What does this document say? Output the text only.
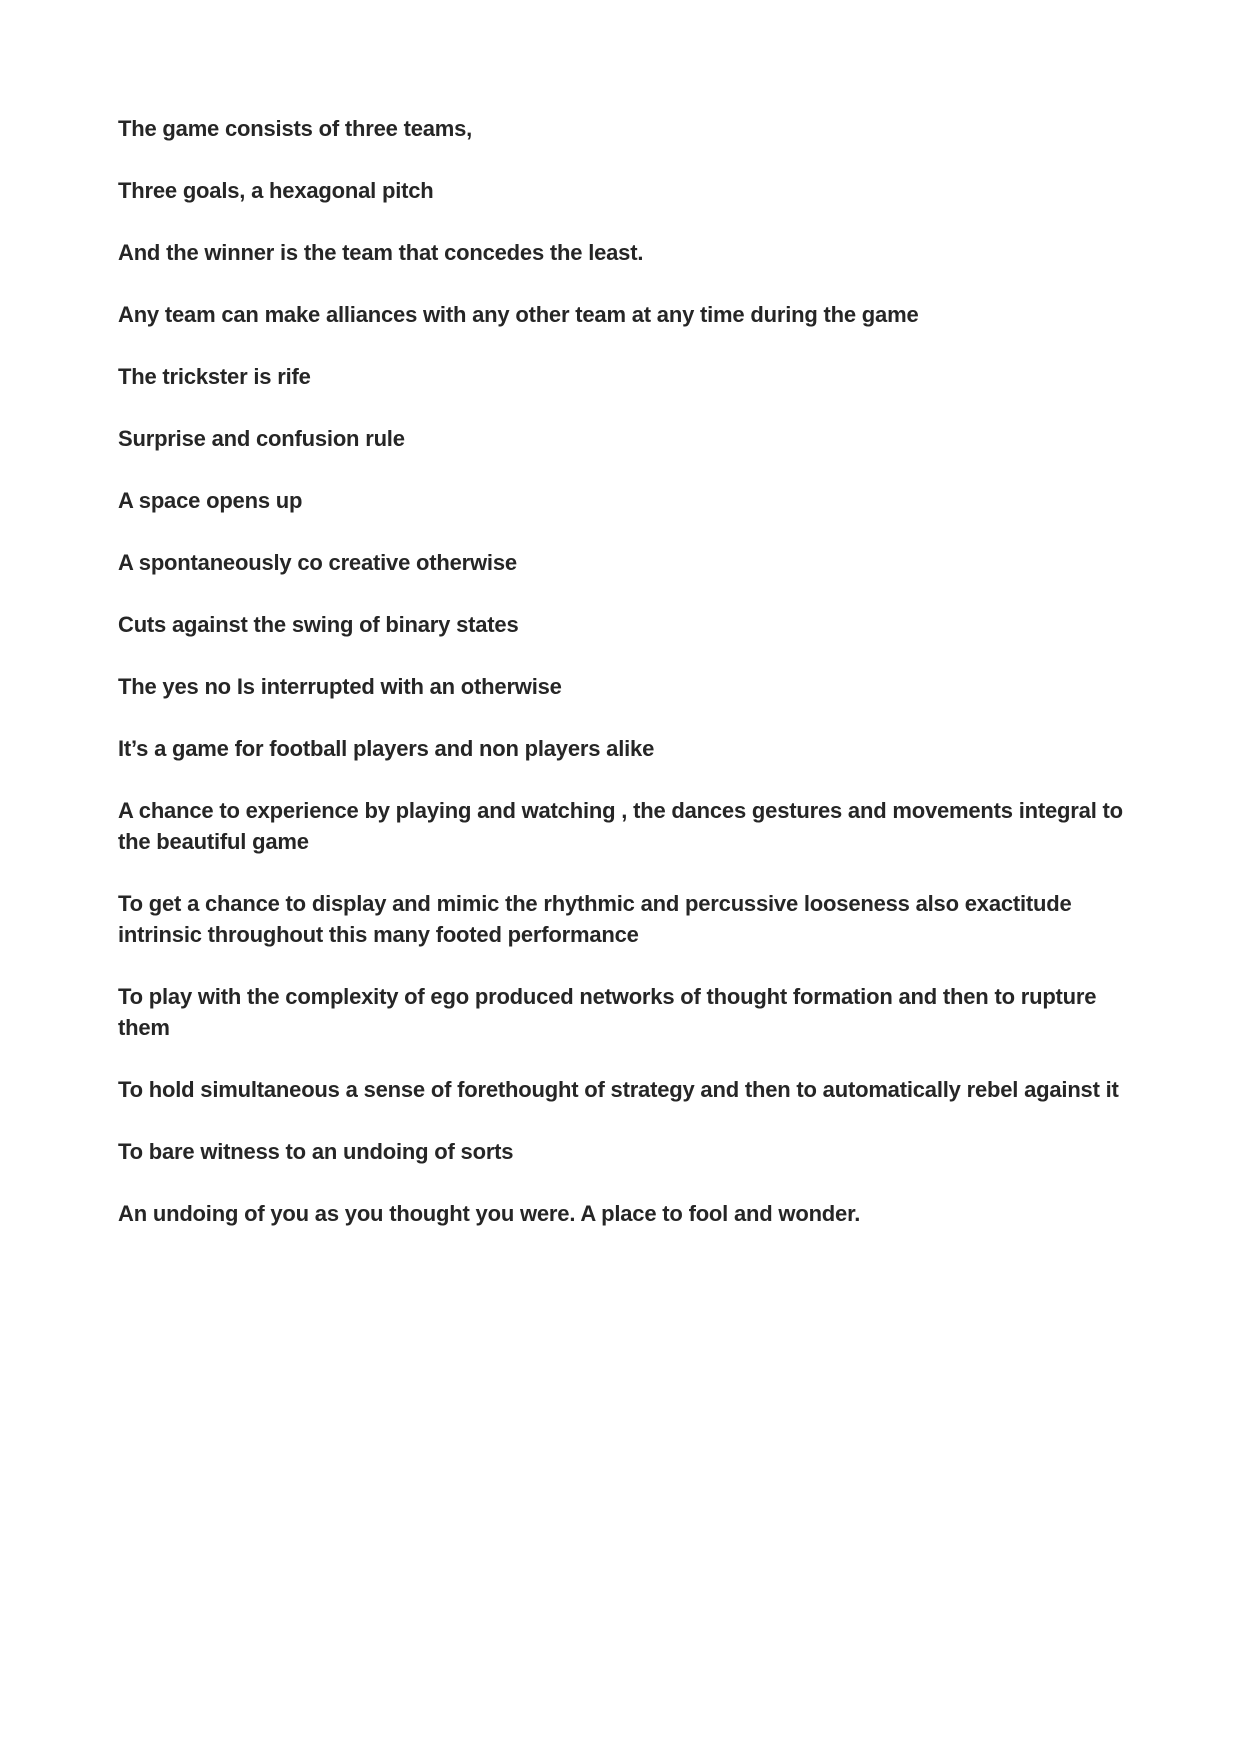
The game consists of three teams,

Three goals, a hexagonal pitch

And the winner is the team that concedes the least.

Any team can make alliances with any other team at any time during the game

The trickster is rife

Surprise and confusion rule

A space opens up

A spontaneously co creative otherwise

Cuts against the swing of binary states

The yes no Is interrupted with an otherwise

It’s a game for football players and non players alike

A chance to experience by playing and watching , the dances gestures and movements integral to the beautiful game

To get a chance to display and mimic the rhythmic and percussive looseness also exactitude intrinsic throughout this many footed performance

To play with the complexity of ego produced networks of thought formation and then to rupture them

To hold simultaneous a sense of forethought of strategy and then to automatically rebel against it

To bare witness to an undoing of sorts

An undoing of you as you thought you were. A place to fool and wonder.
